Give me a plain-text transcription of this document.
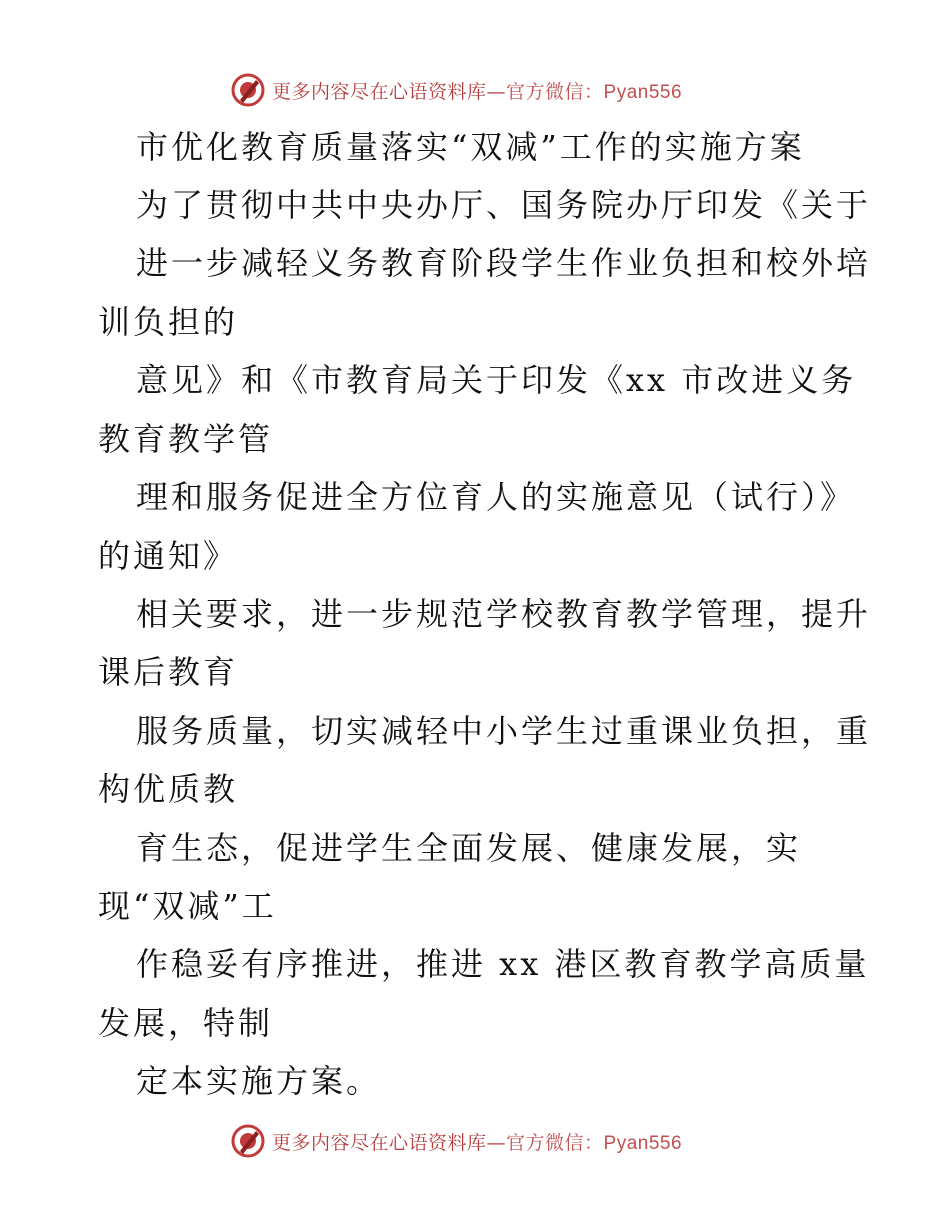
更多内容尽在心语资料库—官方微信：Pyan556
市优化教育质量落实“双减”工作的实施方案
为了贯彻中共中央办厅、国务院办厅印发《关于
进一步减轻义务教育阶段学生作业负担和校外培
训负担的
意见》和《市教育局关于印发《xx 市改进义务
教育教学管
理和服务促进全方位育人的实施意见（试行）》
的通知》
相关要求，进一步规范学校教育教学管理，提升
课后教育
服务质量，切实减轻中小学生过重课业负担，重
构优质教
育生态，促进学生全面发展、健康发展，实
现“双减”工
作稳妥有序推进，推进 xx 港区教育教学高质量
发展，特制
定本实施方案。
更多内容尽在心语资料库—官方微信：Pyan556
